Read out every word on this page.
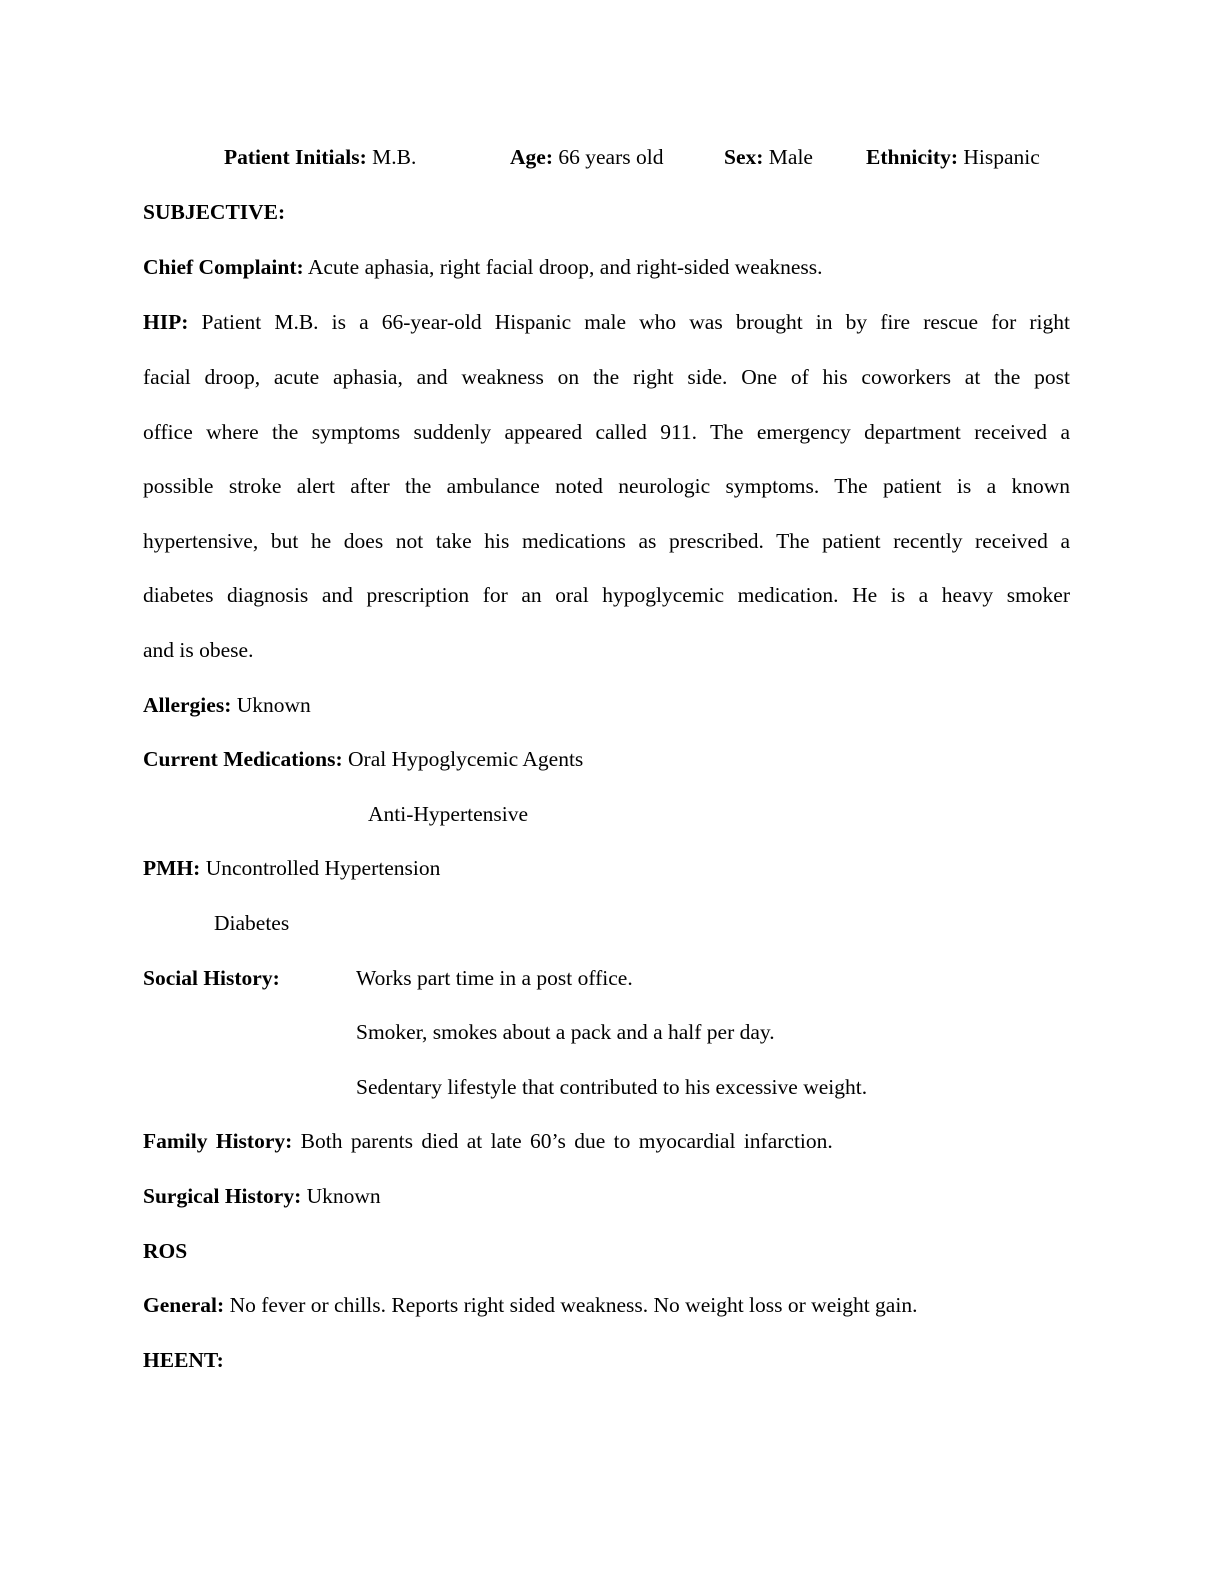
Patient Initials: M.B.	Age: 66 years old	Sex: Male Ethnicity: Hispanic
SUBJECTIVE:
Chief Complaint: Acute aphasia, right facial droop, and right-sided weakness.
HIP: Patient M.B. is a 66-year-old Hispanic male who was brought in by fire rescue for right
facial droop, acute aphasia, and weakness on the right side. One of his coworkers at the post
office where the symptoms suddenly appeared called 911. The emergency department received a
possible stroke alert after the ambulance noted neurologic symptoms. The patient is a known
hypertensive, but he does not take his medications as prescribed. The patient recently received a
diabetes diagnosis and prescription for an oral hypoglycemic medication. He is a heavy smoker
and is obese.
Allergies: Uknown
Current Medications: Oral Hypoglycemic Agents
Anti-Hypertensive
PMH: Uncontrolled Hypertension
Diabetes
Social History:	Works part time in a post office.
Smoker, smokes about a pack and a half per day.
Sedentary lifestyle that contributed to his excessive weight.
Family History: Both parents died at late 60’s due to myocardial infarction.
Surgical History: Uknown
ROS
General: No fever or chills. Reports right sided weakness. No weight loss or weight gain.
HEENT:
